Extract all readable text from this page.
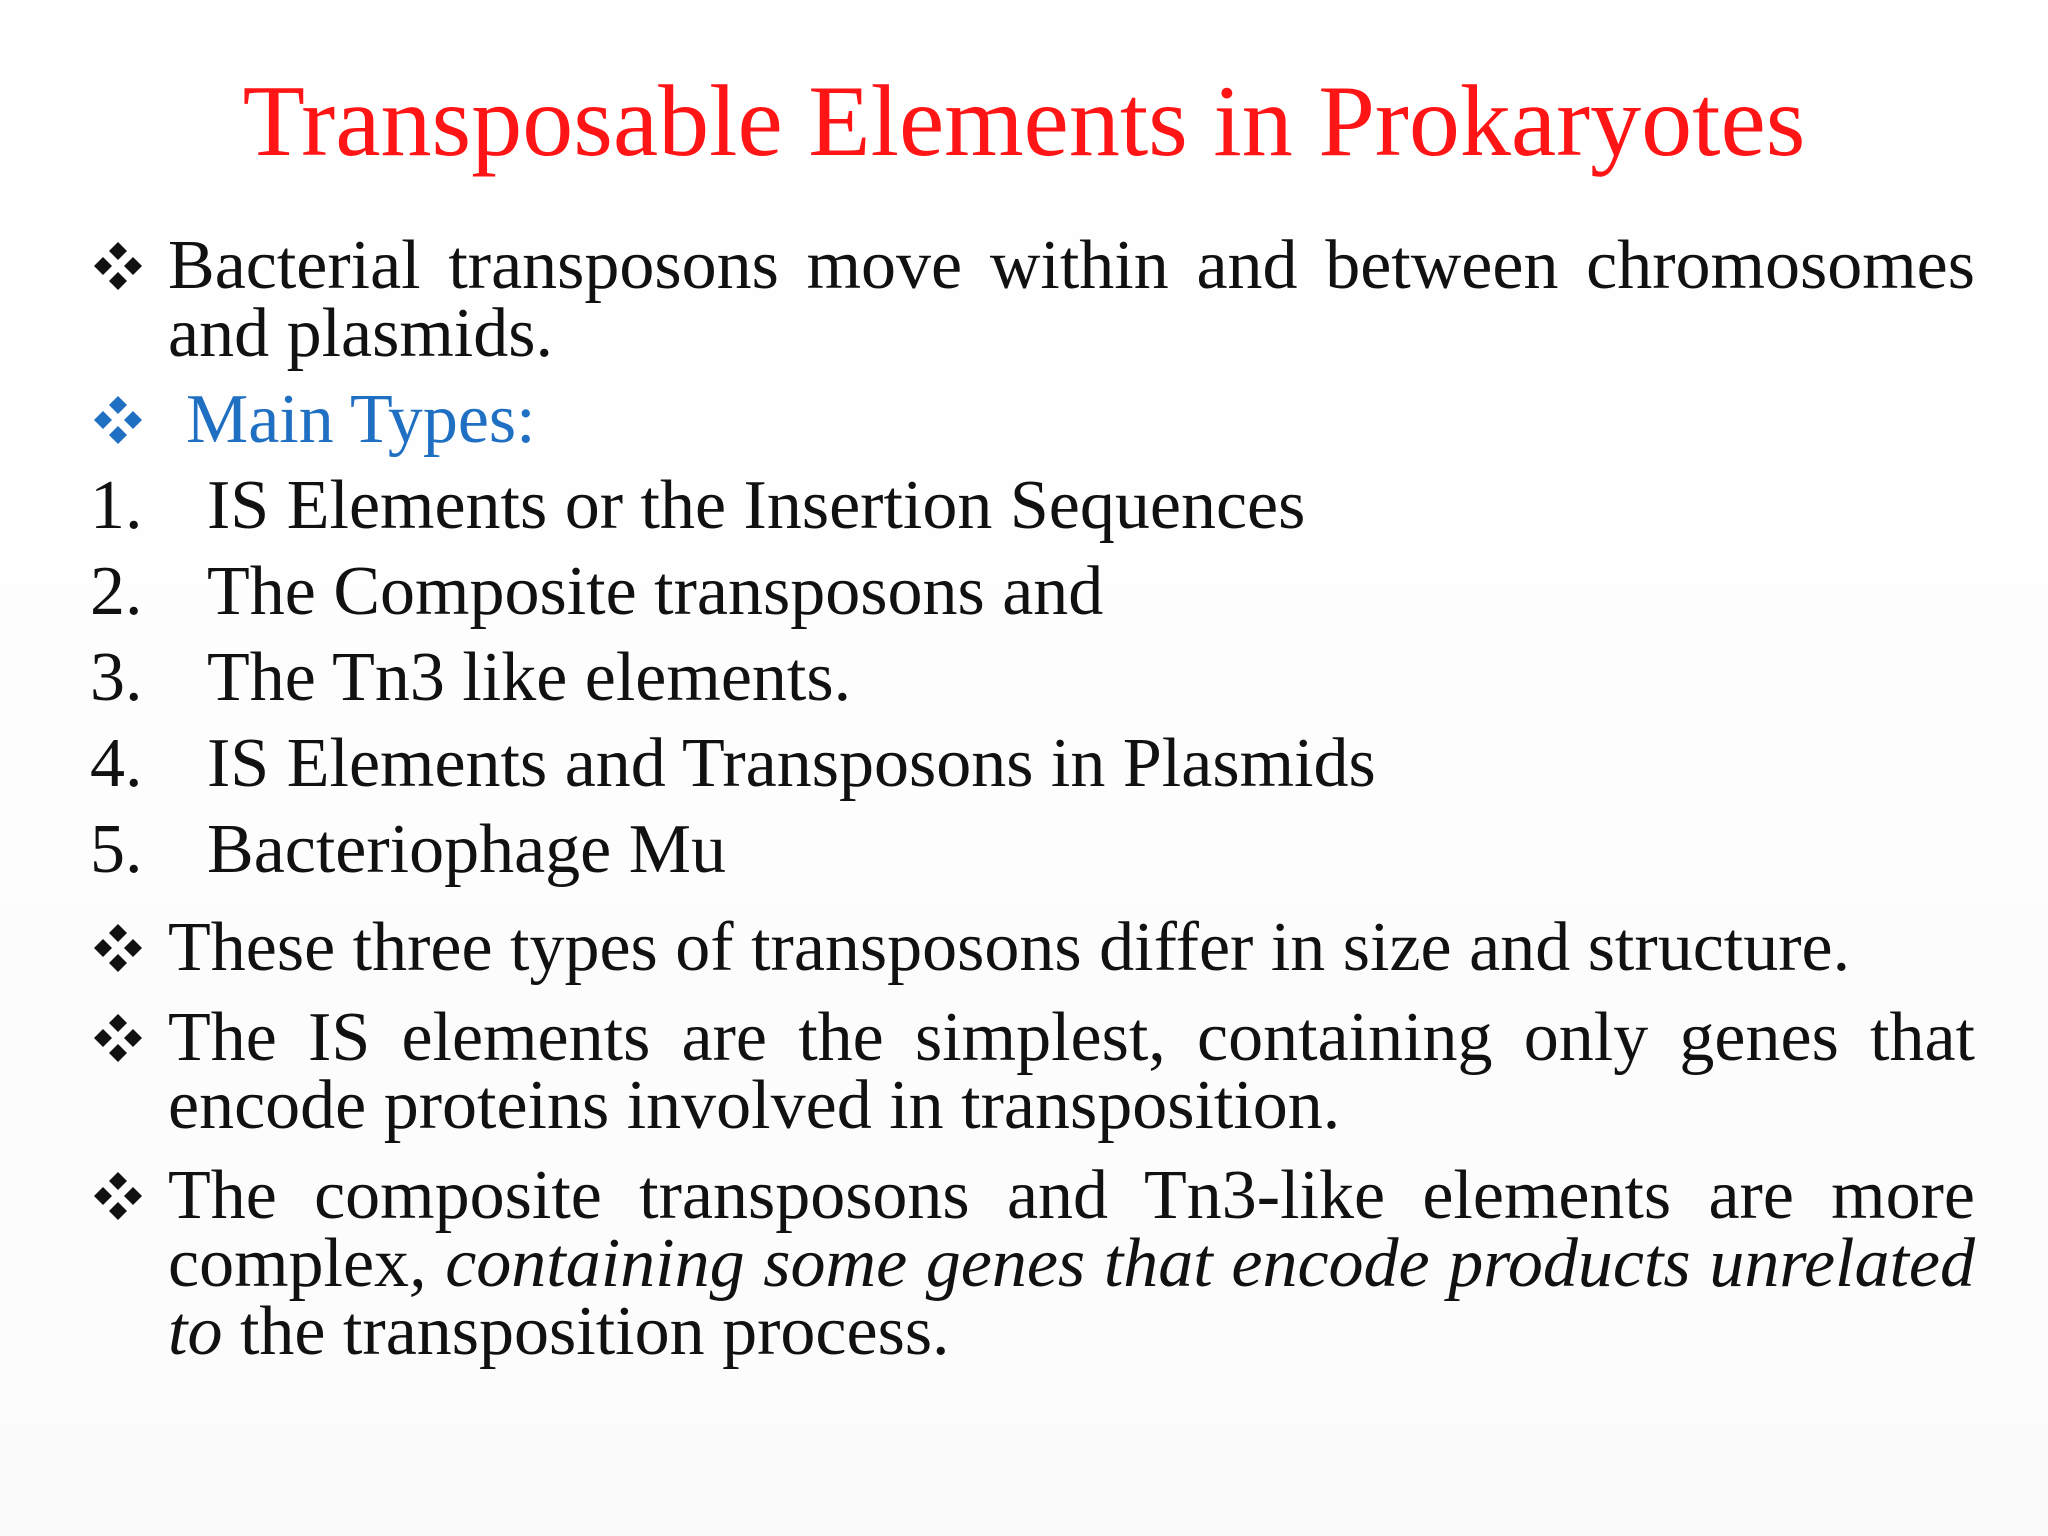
Transposable Elements in Prokaryotes
Bacterial transposons move within and between chromosomes and plasmids.
Main Types:
1. IS Elements or the Insertion Sequences
2. The Composite transposons and
3. The Tn3 like elements.
4. IS Elements and Transposons in Plasmids
5. Bacteriophage Mu
These three types of transposons differ in size and structure.
The IS elements are the simplest, containing only genes that encode proteins involved in transposition.
The composite transposons and Tn3-like elements are more complex, containing some genes that encode products unrelated to the transposition process.
